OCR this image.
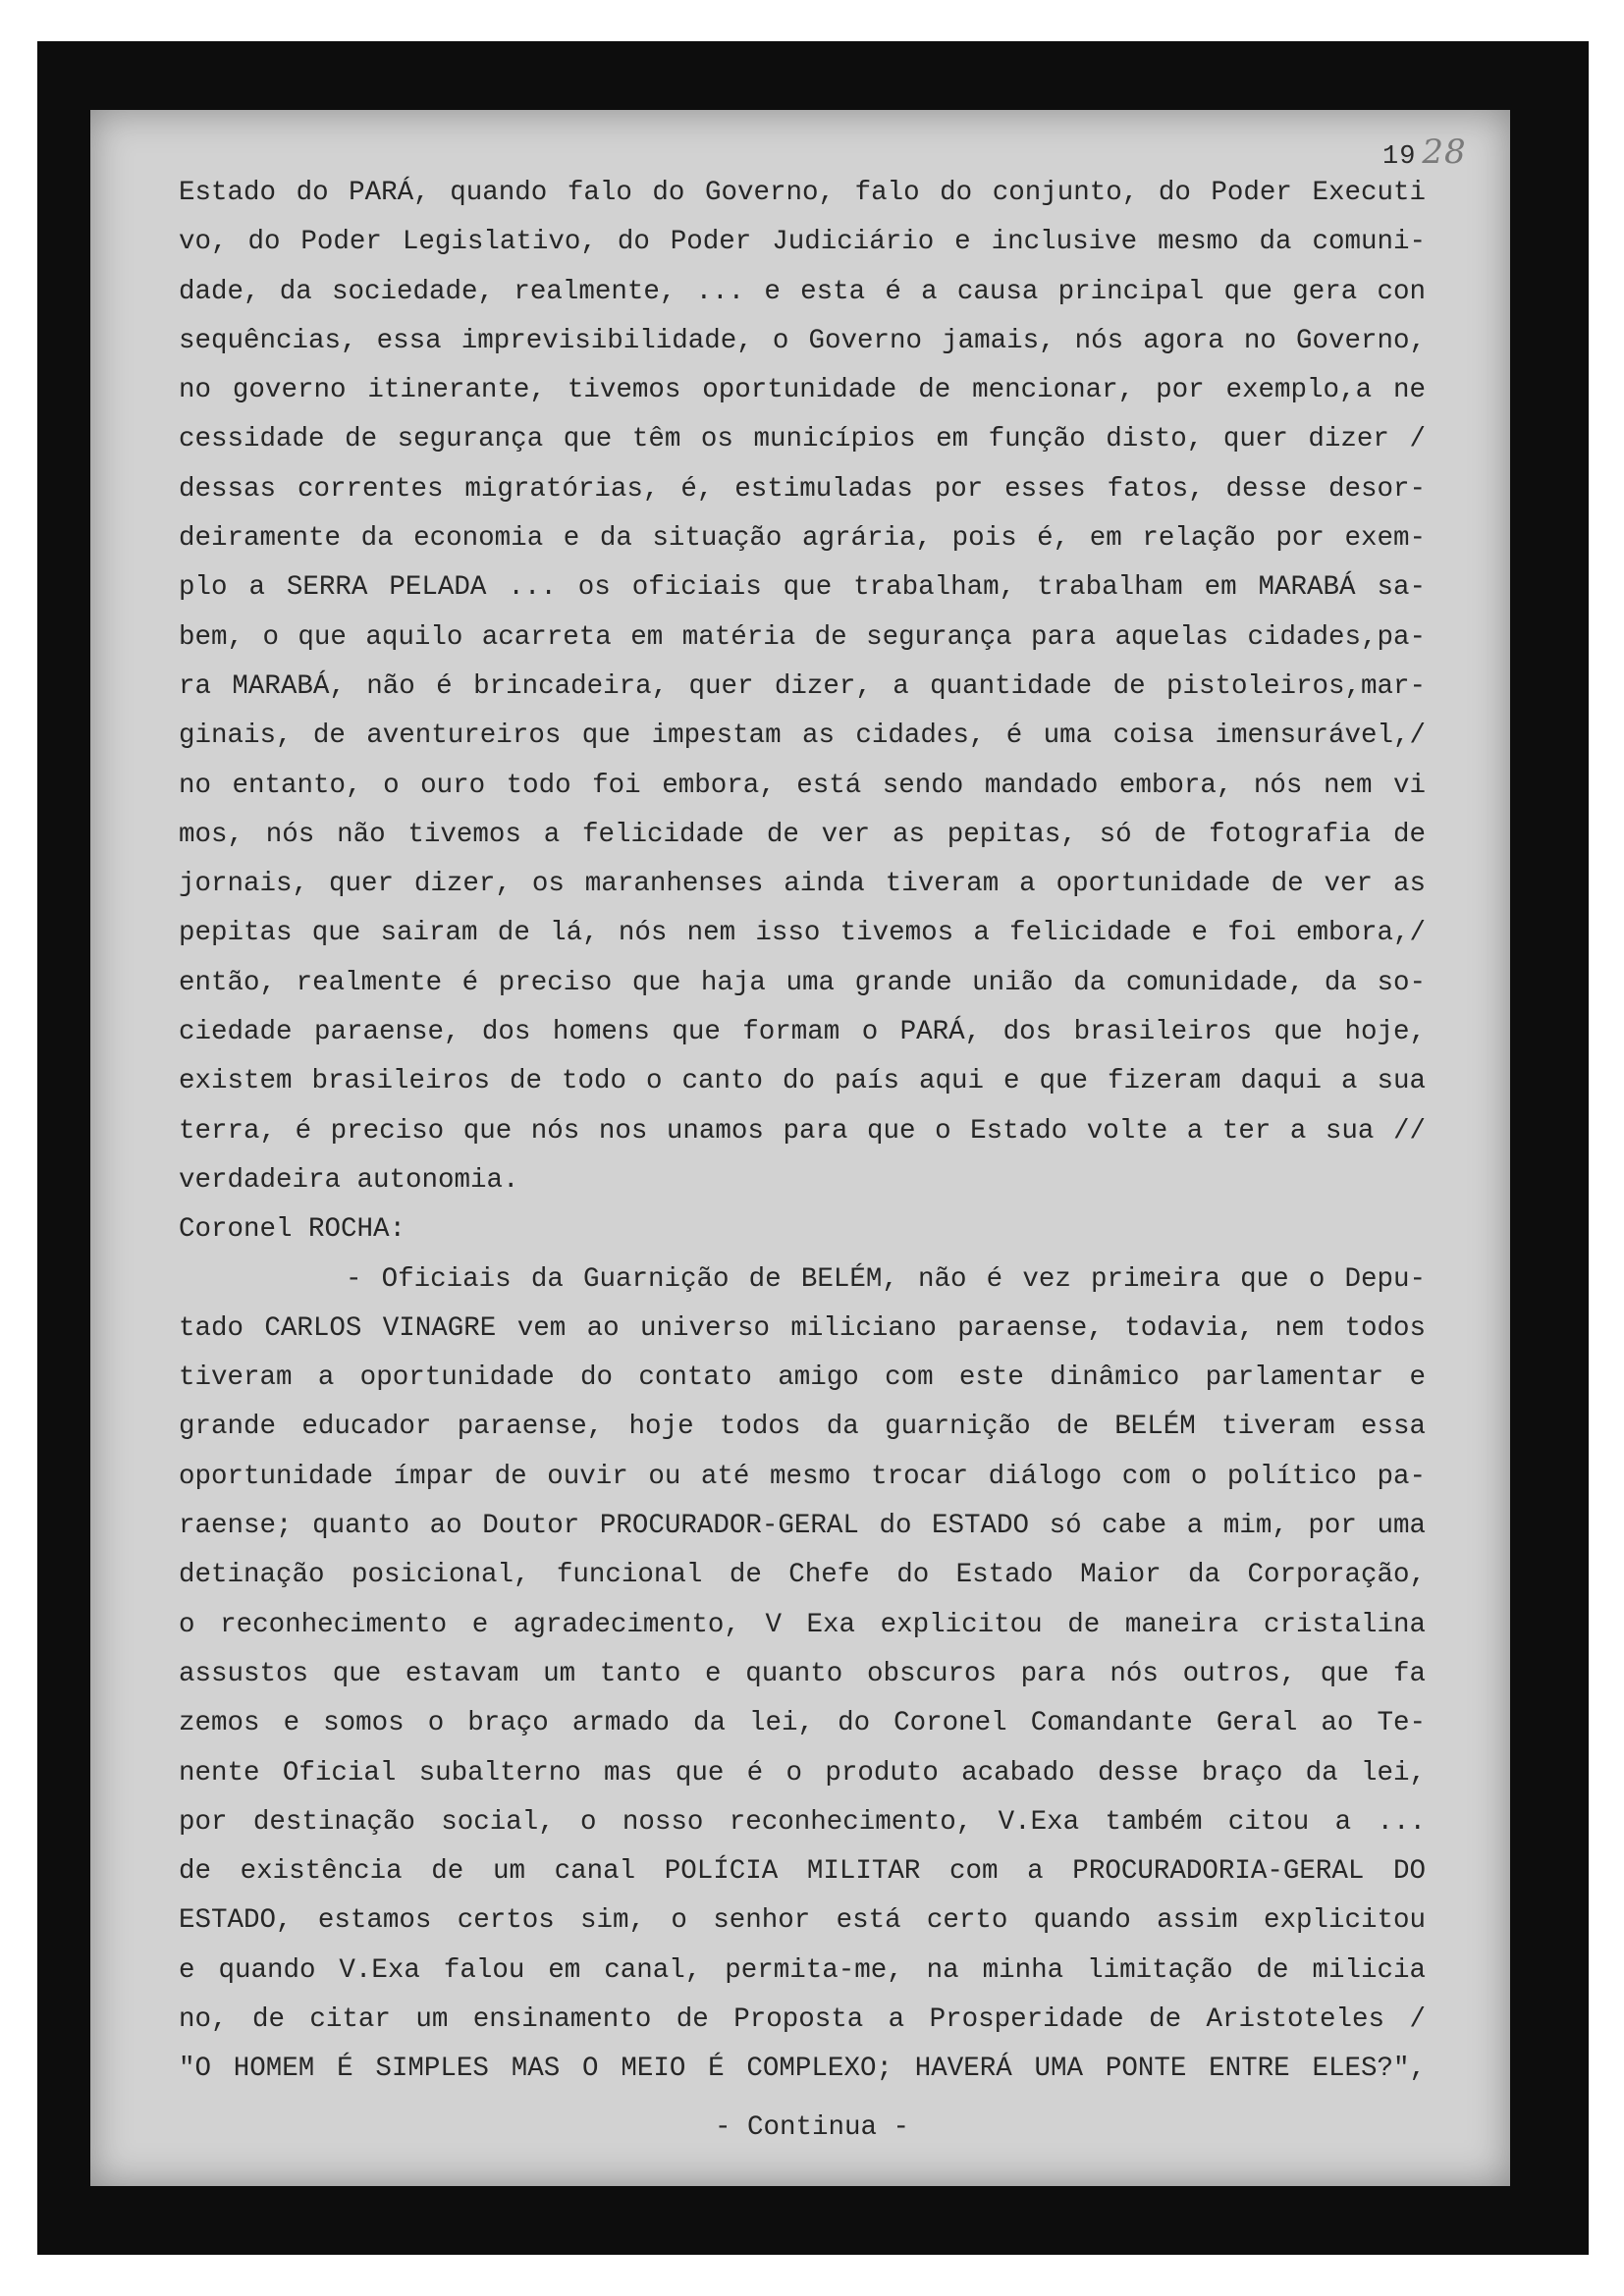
19 28
Estado do PARÁ, quando falo do Governo, falo do conjunto, do Poder Executi
vo, do Poder Legislativo, do Poder Judiciário e inclusive mesmo da comuni-
dade, da sociedade, realmente, ... e esta é a causa principal que gera con
sequências, essa imprevisibilidade, o Governo jamais, nós agora no Governo,
no governo itinerante, tivemos oportunidade de mencionar, por exemplo,a ne
cessidade de segurança que têm os municípios em função disto, quer dizer /
dessas correntes migratórias, é, estimuladas por esses fatos, desse desor-
deiramente da economia e da situação agrária, pois é, em relação por exem-
plo a SERRA PELADA ... os oficiais que trabalham, trabalham em MARABÁ sa-
bem, o que aquilo acarreta em matéria de segurança para aquelas cidades,pa-
ra MARABÁ, não é brincadeira, quer dizer, a quantidade de pistoleiros,mar-
ginais, de aventureiros que impestam as cidades, é uma coisa imensurável,/
no entanto, o ouro todo foi embora, está sendo mandado embora, nós nem vi
mos, nós não tivemos a felicidade de ver as pepitas, só de fotografia de
jornais, quer dizer, os maranhenses ainda tiveram a oportunidade de ver as
pepitas que sairam de lá, nós nem isso tivemos a felicidade e foi embora,/
então, realmente é preciso que haja uma grande união da comunidade, da so-
ciedade paraense, dos homens que formam o PARÁ, dos brasileiros que hoje,
existem brasileiros de todo o canto do país aqui e que fizeram daqui a sua
terra, é preciso que nós nos unamos para que o Estado volte a ter a sua //
verdadeira autonomia.
Coronel ROCHA:
- Oficiais da Guarnição de BELÉM, não é vez primeira que o Depu-
tado CARLOS VINAGRE vem ao universo miliciano paraense, todavia, nem todos
tiveram a oportunidade do contato amigo com este dinâmico parlamentar e
grande educador paraense, hoje todos da guarnição de BELÉM tiveram essa
oportunidade ímpar de ouvir ou até mesmo trocar diálogo com o político pa-
raense; quanto ao Doutor PROCURADOR-GERAL do ESTADO só cabe a mim, por uma
detinação posicional, funcional de Chefe do Estado Maior da Corporação,
o reconhecimento e agradecimento, V Exa explicitou de maneira cristalina
assustos que estavam um tanto e quanto obscuros para nós outros, que fa
zemos e somos o braço armado da lei, do Coronel Comandante Geral ao Te-
nente Oficial subalterno mas que é o produto acabado desse braço da lei,
por destinação social, o nosso reconhecimento, V.Exa também citou a ...
de existência de um canal POLÍCIA MILITAR com a PROCURADORIA-GERAL DO
ESTADO, estamos certos sim, o senhor está certo quando assim explicitou
e quando V.Exa falou em canal, permita-me, na minha limitação de milicia
no, de citar um ensinamento de Proposta a Prosperidade de Aristoteles /
"O HOMEM É SIMPLES MAS O MEIO É COMPLEXO; HAVERÁ UMA PONTE ENTRE ELES?",
- Continua -
